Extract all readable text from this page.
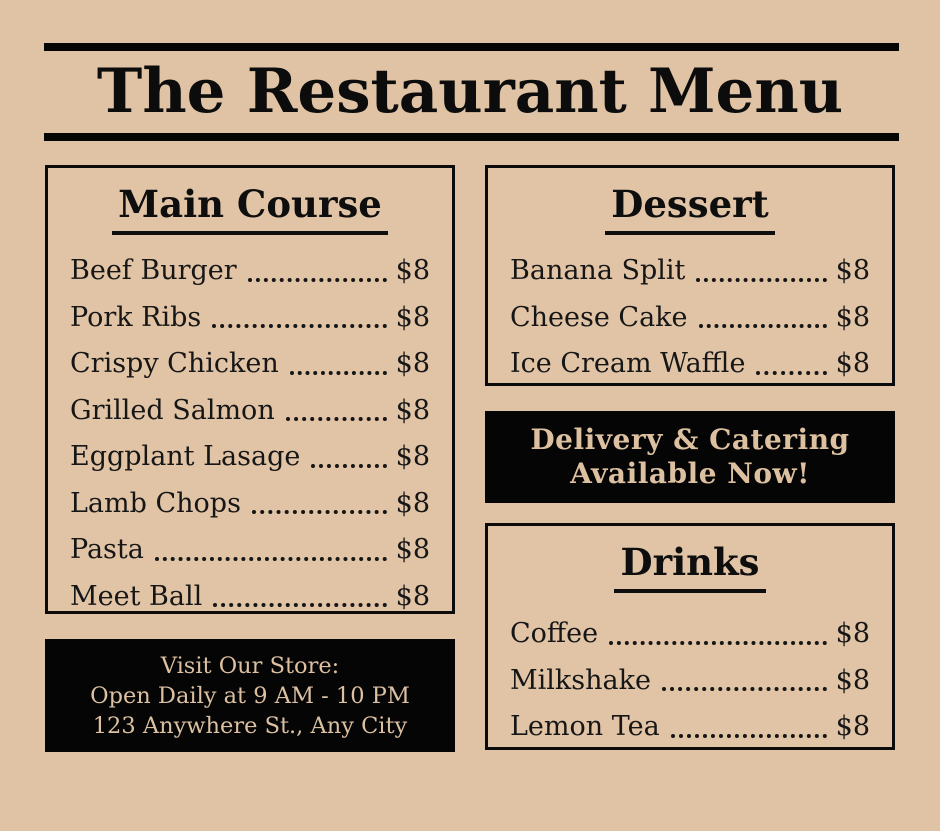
The Restaurant Menu
Main Course
Beef Burger	$8
Pork Ribs	$8
Crispy Chicken	$8
Grilled Salmon	$8
Eggplant Lasage	$8
Lamb Chops	$8
Pasta	$8
Meet Ball	$8
Visit Our Store:
Open Daily at 9 AM - 10 PM
123 Anywhere St., Any City
Dessert
Banana Split	$8
Cheese Cake	$8
Ice Cream Waffle	$8
Delivery & Catering
Available Now!
Drinks
Coffee	$8
Milkshake	$8
Lemon Tea	$8
